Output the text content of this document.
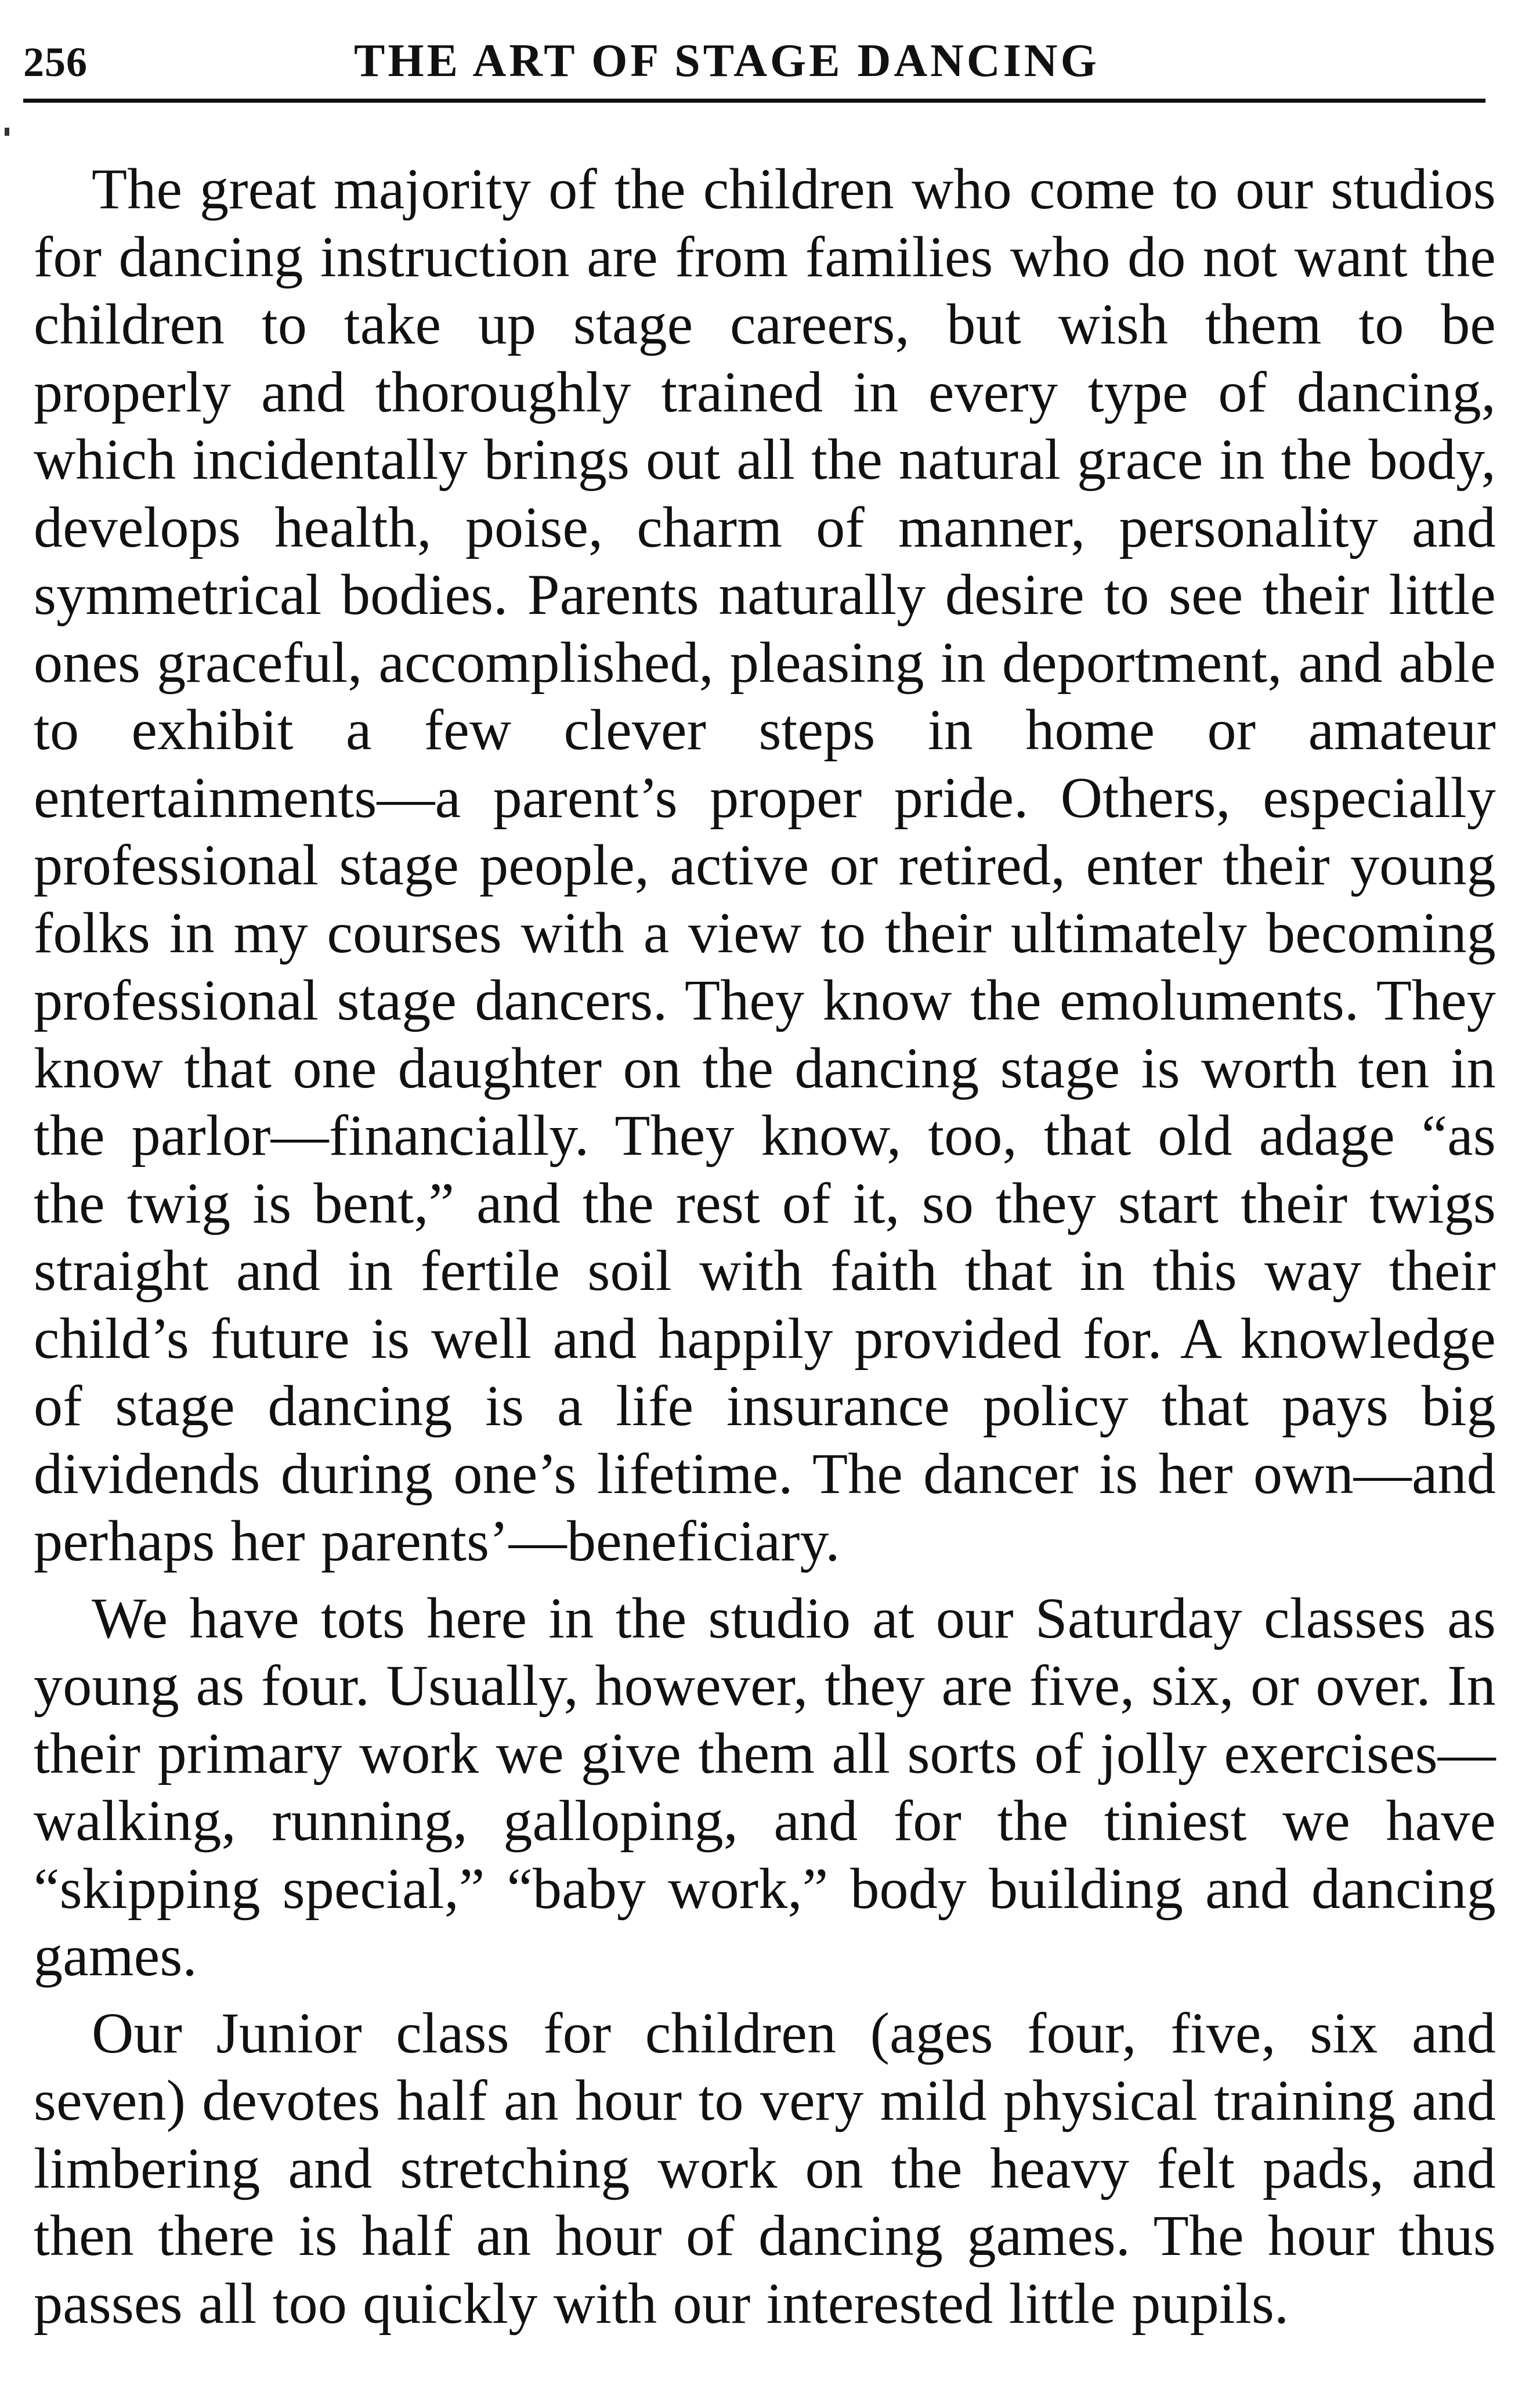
256	THE ART OF STAGE DANCING

The great majority of the children who come to our studios for dancing instruction are from families who do not want the children to take up stage careers, but wish them to be properly and thoroughly trained in every type of dancing, which incidentally brings out all the natural grace in the body, develops health, poise, charm of manner, personality and symmetrical bodies. Parents naturally desire to see their little ones graceful, accomplished, pleasing in deportment, and able to exhibit a few clever steps in home or amateur entertainments—a parent’s proper pride. Others, especially professional stage people, active or retired, enter their young folks in my courses with a view to their ultimately becoming professional stage dancers. They know the emoluments. They know that one daughter on the dancing stage is worth ten in the parlor—financially. They know, too, that old adage “as the twig is bent,” and the rest of it, so they start their twigs straight and in fertile soil with faith that in this way their child’s future is well and happily provided for. A knowledge of stage dancing is a life insurance policy that pays big dividends during one’s lifetime. The dancer is her own—and perhaps her parents’—beneficiary.

We have tots here in the studio at our Saturday classes as young as four. Usually, however, they are five, six, or over. In their primary work we give them all sorts of jolly exercises—walking, running, galloping, and for the tiniest we have “skipping special,” “baby work,” body building and dancing games.

Our Junior class for children (ages four, five, six and seven) devotes half an hour to very mild physical training and limbering and stretching work on the heavy felt pads, and then there is half an hour of dancing games. The hour thus passes all too quickly with our interested little pupils.
